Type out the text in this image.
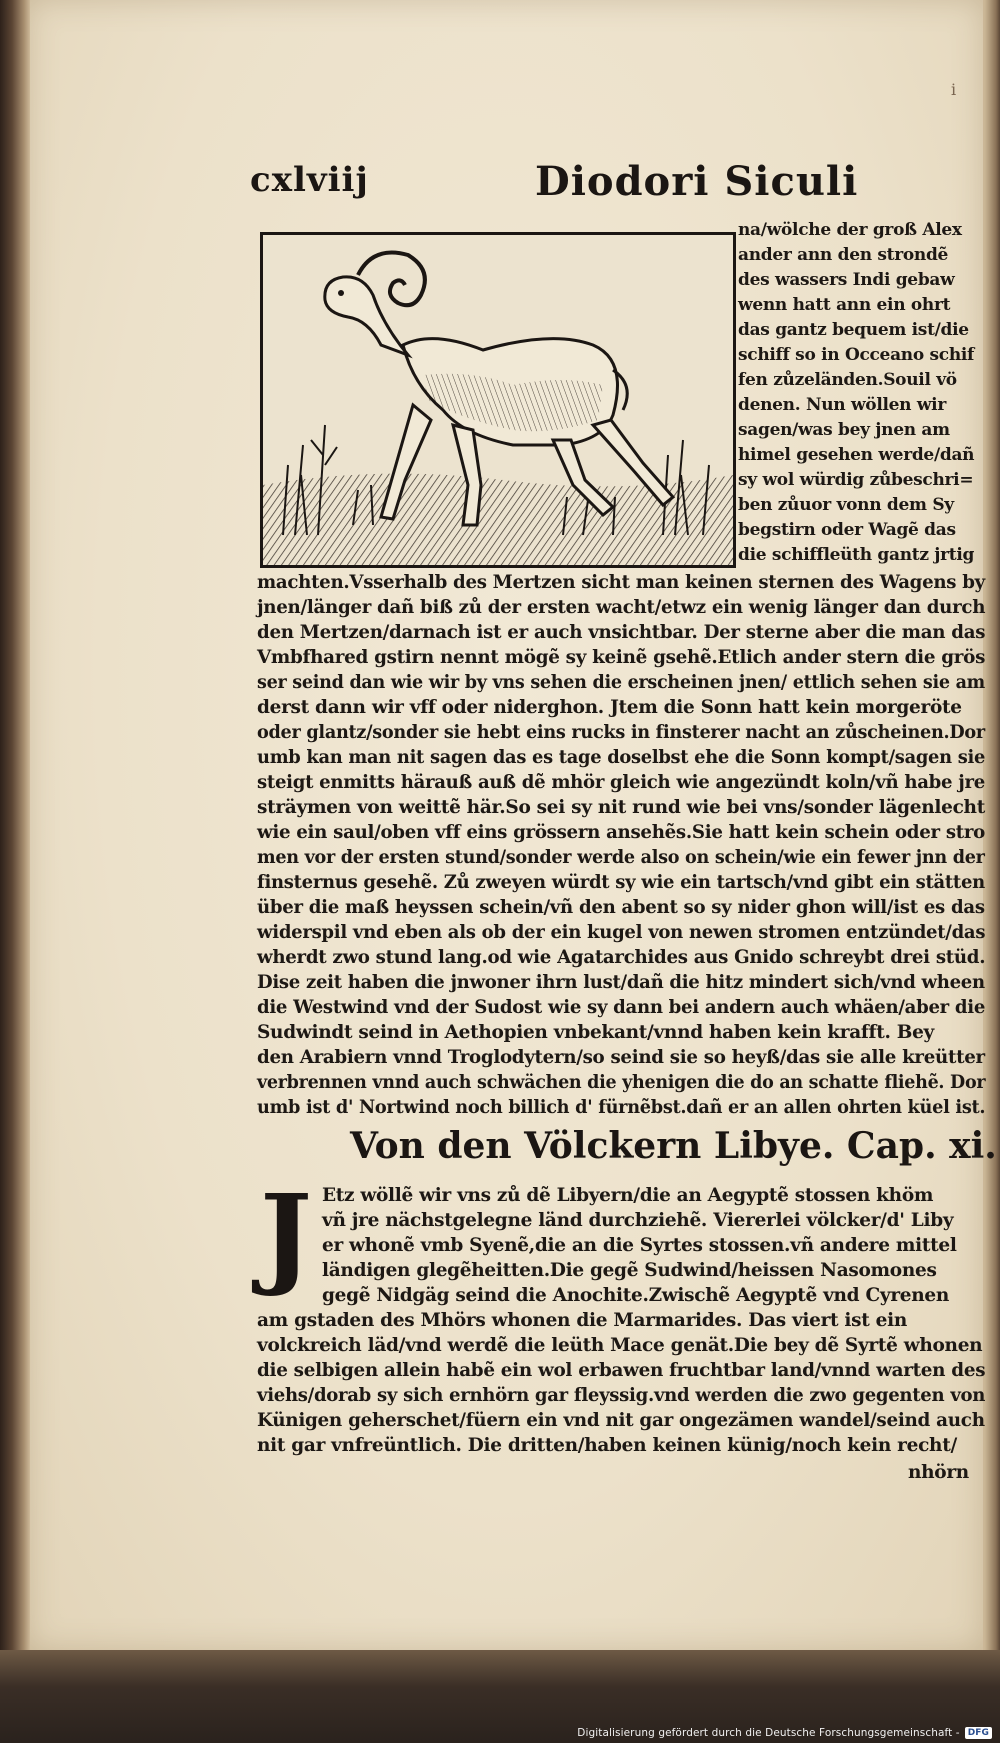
i
cxlviij	Diodori Siculi
na/wölche der groß Alex
ander ann den strondẽ
des wassers Indi gebaw
wenn hatt ann ein ohrt
das gantz bequem ist/die
schiff so in Occeano schif
fen zůzeländen.Souil vö
denen. Nun wöllen wir
sagen/was bey jnen am
himel gesehen werde/dañ
sy wol würdig zůbeschri=
ben zůuor vonn dem Sy
begstirn oder Wagẽ das
die schiffleüth gantz jrtig
machten.Vsserhalb des Mertzen sicht man keinen sternen des Wagens by
jnen/länger dañ biß zů der ersten wacht/etwz ein wenig länger dan durch
den Mertzen/darnach ist er auch vnsichtbar. Der sterne aber die man das
Vmbfhared gstirn nennt mögẽ sy keinẽ gsehẽ.Etlich ander stern die grös
ser seind dan wie wir by vns sehen die erscheinen jnen/ ettlich sehen sie am
derst dann wir vff oder niderghon. Jtem die Sonn hatt kein morgeröte
oder glantz/sonder sie hebt eins rucks in finsterer nacht an zůscheinen.Dor
umb kan man nit sagen das es tage doselbst ehe die Sonn kompt/sagen sie
steigt enmitts härauß auß dẽ mhör gleich wie angezündt koln/vñ habe jre
sträymen von weittẽ här.So sei sy nit rund wie bei vns/sonder lägenlecht
wie ein saul/oben vff eins grössern ansehẽs.Sie hatt kein schein oder stro
men vor der ersten stund/sonder werde also on schein/wie ein fewer jnn der
finsternus gesehẽ. Zů zweyen würdt sy wie ein tartsch/vnd gibt ein stätten
über die maß heyssen schein/vñ den abent so sy nider ghon will/ist es das
widerspil vnd eben als ob der ein kugel von newen stromen entzündet/das
wherdt zwo stund lang.od wie Agatarchides aus Gnido schreybt drei stüd.
Dise zeit haben die jnwoner ihrn lust/dañ die hitz mindert sich/vnd wheen
die Westwind vnd der Sudost wie sy dann bei andern auch whäen/aber die
Sudwindt seind in Aethopien vnbekant/vnnd haben kein krafft. Bey
den Arabiern vnnd Troglodytern/so seind sie so heyß/das sie alle kreütter
verbrennen vnnd auch schwächen die yhenigen die do an schatte fliehẽ. Dor
umb ist d' Nortwind noch billich d' fürnẽbst.dañ er an allen ohrten küel ist.
Von den Völckern Libye. Cap. xi.
J Etz wöllẽ wir vns zů dẽ Libyern/die an Aegyptẽ stossen khöm
vñ jre nächstgelegne länd durchziehẽ. Viererlei völcker/d' Liby
er whonẽ vmb Syenẽ,die an die Syrtes stossen.vñ andere mittel
ländigen glegẽheitten.Die gegẽ Sudwind/heissen Nasomones
gegẽ Nidgäg seind die Anochite.Zwischẽ Aegyptẽ vnd Cyrenen
am gstaden des Mhörs whonen die Marmarides. Das viert ist ein
volckreich läd/vnd werdẽ die leüth Mace genät.Die bey dẽ Syrtẽ whonen
die selbigen allein habẽ ein wol erbawen fruchtbar land/vnnd warten des
viehs/dorab sy sich ernhörn gar fleyssig.vnd werden die zwo gegenten von
Künigen geherschet/füern ein vnd nit gar ongezämen wandel/seind auch
nit gar vnfreüntlich. Die dritten/haben keinen künig/noch kein recht/
nhörn
Digitalisierung gefördert durch die Deutsche Forschungsgemeinschaft - DFG
